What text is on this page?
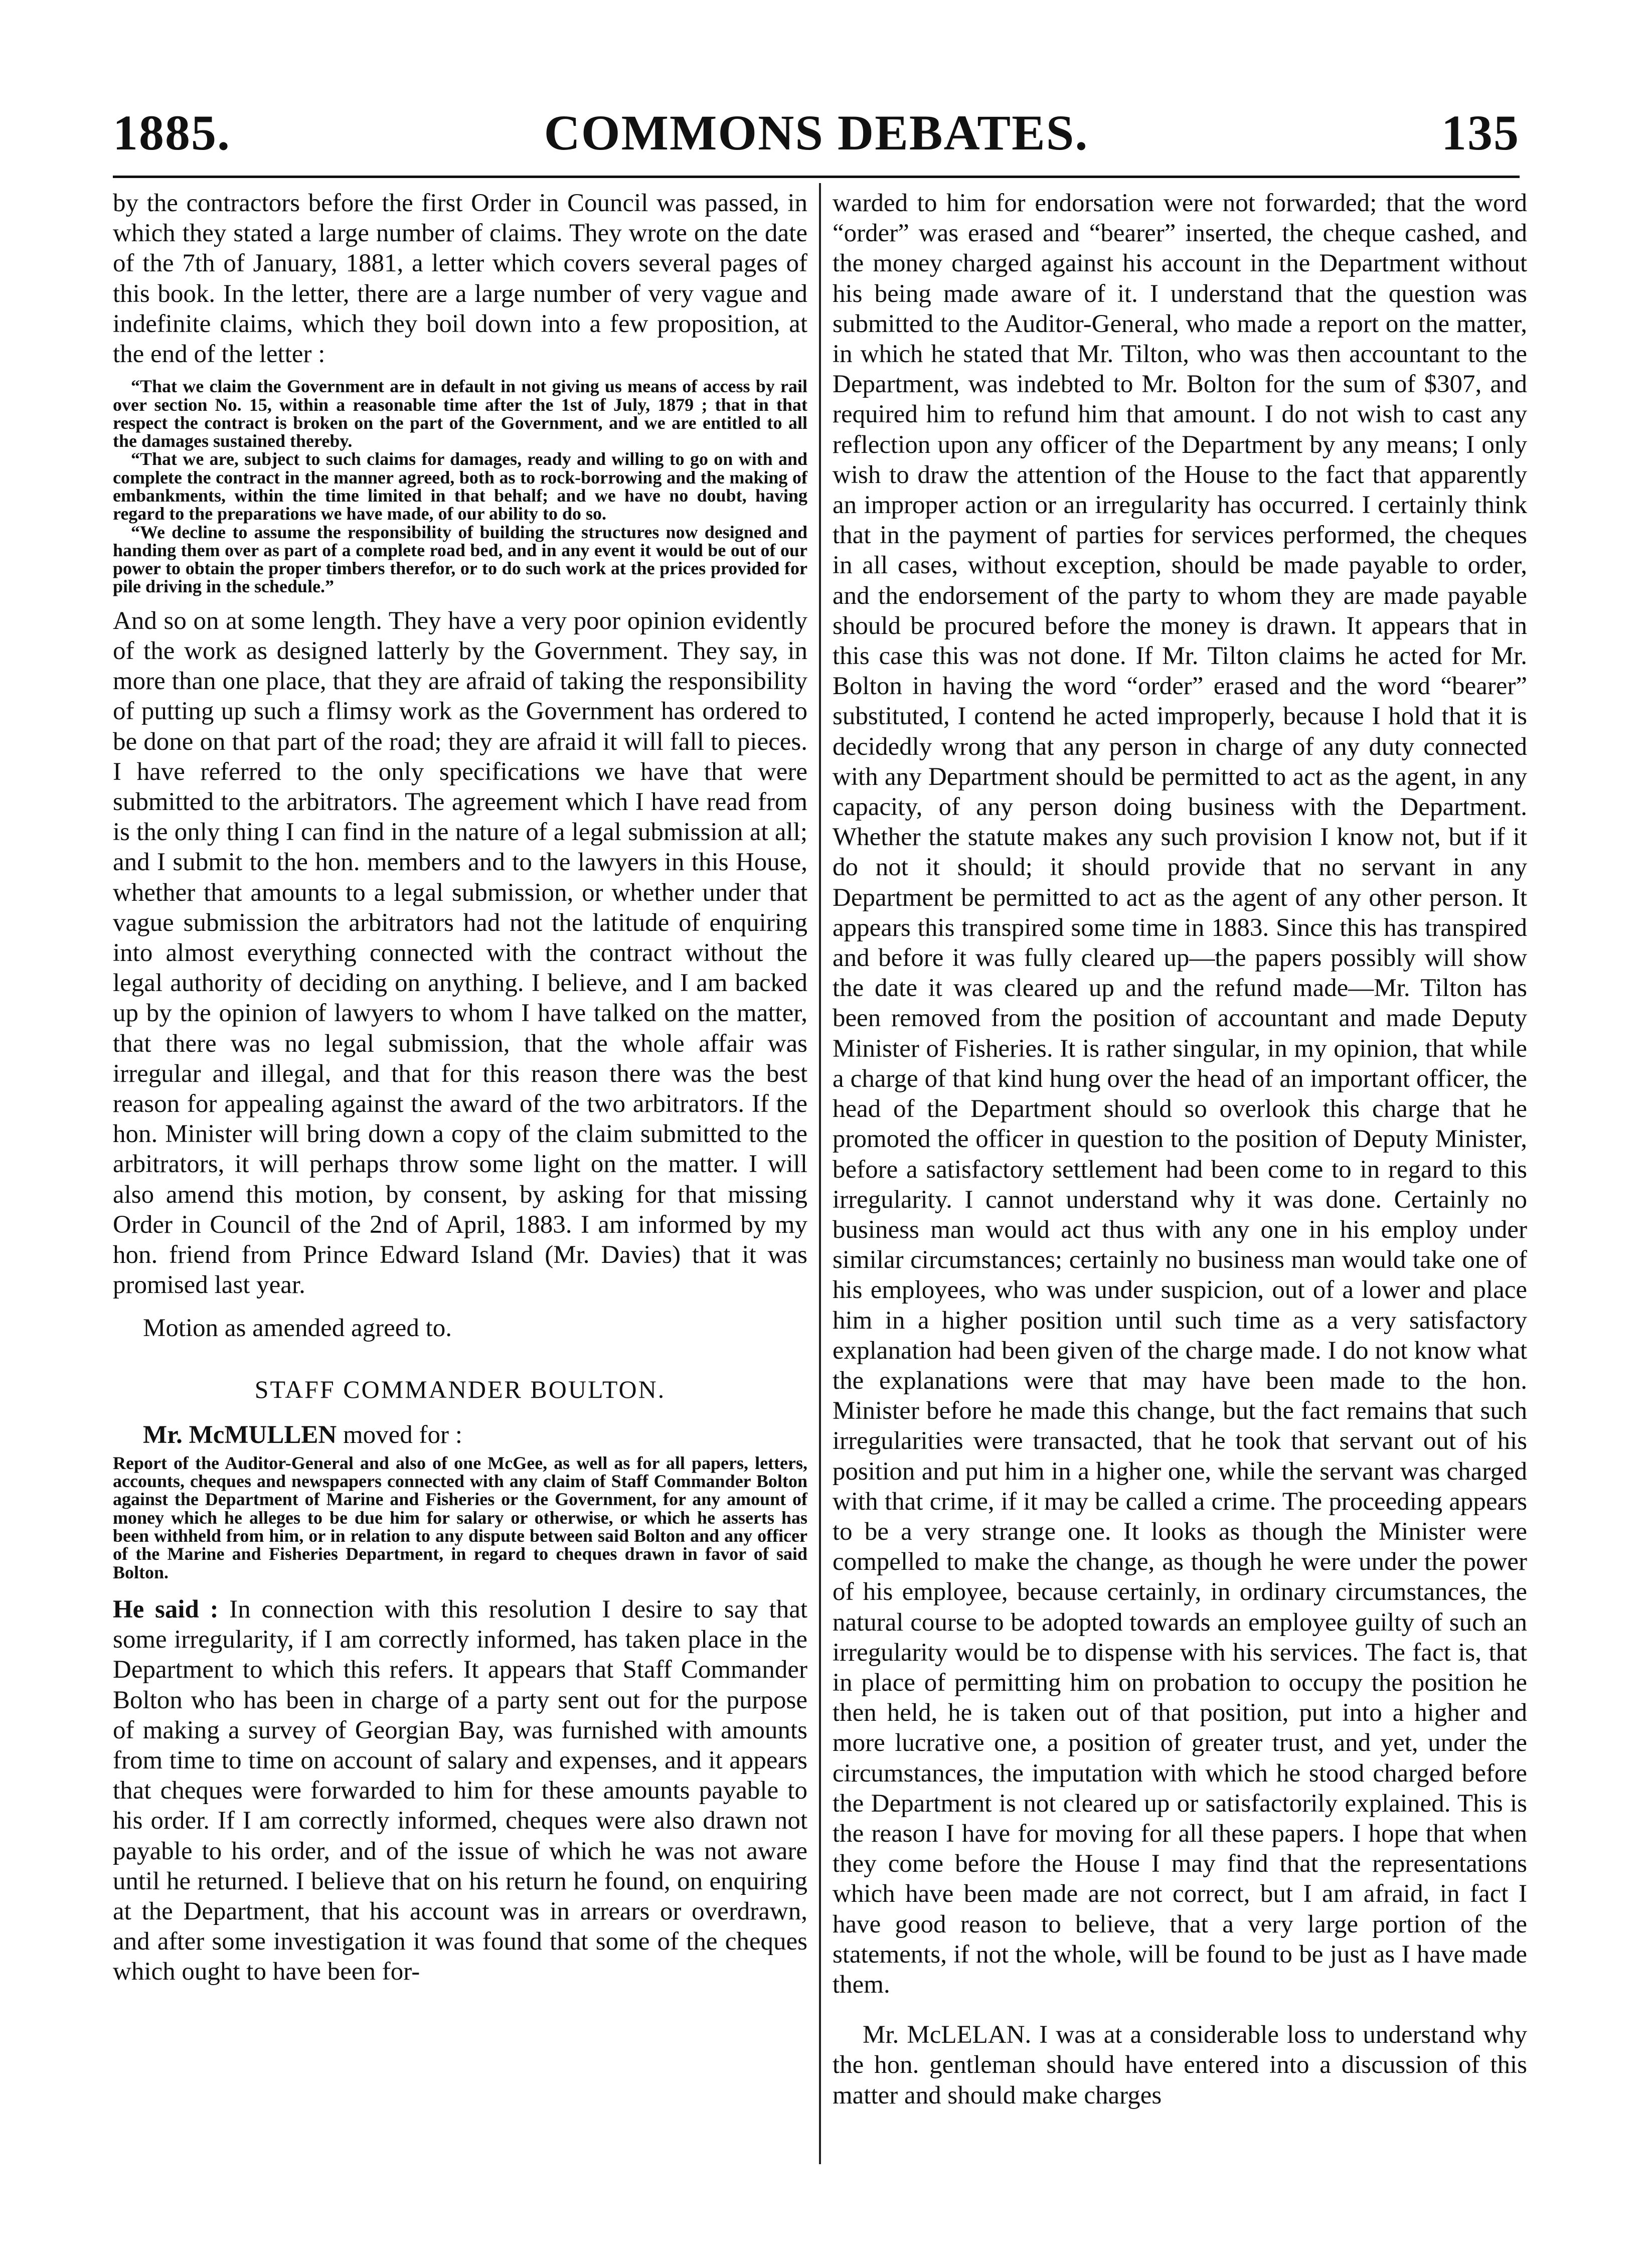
1885.	COMMONS DEBATES.	135

by the contractors before the first Order in Council was passed, in which they stated a large number of claims. They wrote on the date of the 7th of January, 1881, a letter which covers several pages of this book. In the letter, there are a large number of very vague and indefinite claims, which they boil down into a few proposition, at the end of the letter :

“That we claim the Government are in default in not giving us means of access by rail over section No. 15, within a reasonable time after the 1st of July, 1879 ; that in that respect the contract is broken on the part of the Government, and we are entitled to all the damages sustained thereby.

“That we are, subject to such claims for damages, ready and willing to go on with and complete the contract in the manner agreed, both as to rock-borrowing and the making of embankments, within the time limited in that behalf; and we have no doubt, having regard to the preparations we have made, of our ability to do so.

“We decline to assume the responsibility of building the structures now designed and handing them over as part of a complete road bed, and in any event it would be out of our power to obtain the proper timbers therefor, or to do such work at the prices provided for pile driving in the schedule.”

And so on at some length. They have a very poor opinion evidently of the work as designed latterly by the Government. They say, in more than one place, that they are afraid of taking the responsibility of putting up such a flimsy work as the Government has ordered to be done on that part of the road; they are afraid it will fall to pieces. I have referred to the only specifications we have that were submitted to the arbitrators. The agreement which I have read from is the only thing I can find in the nature of a legal submission at all; and I submit to the hon. members and to the lawyers in this House, whether that amounts to a legal submission, or whether under that vague submission the arbitrators had not the latitude of enquiring into almost everything connected with the contract without the legal authority of deciding on anything. I believe, and I am backed up by the opinion of lawyers to whom I have talked on the matter, that there was no legal submission, that the whole affair was irregular and illegal, and that for this reason there was the best reason for appealing against the award of the two arbitrators. If the hon. Minister will bring down a copy of the claim submitted to the arbitrators, it will perhaps throw some light on the matter. I will also amend this motion, by consent, by asking for that missing Order in Council of the 2nd of April, 1883. I am informed by my hon. friend from Prince Edward Island (Mr. Davies) that it was promised last year.

Motion as amended agreed to.

STAFF COMMANDER BOULTON.

Mr. McMULLEN moved for :

Report of the Auditor-General and also of one McGee, as well as for all papers, letters, accounts, cheques and newspapers connected with any claim of Staff Commander Bolton against the Department of Marine and Fisheries or the Government, for any amount of money which he alleges to be due him for salary or otherwise, or which he asserts has been withheld from him, or in relation to any dispute between said Bolton and any officer of the Marine and Fisheries Department, in regard to cheques drawn in favor of said Bolton.

He said : In connection with this resolution I desire to say that some irregularity, if I am correctly informed, has taken place in the Department to which this refers. It appears that Staff Commander Bolton who has been in charge of a party sent out for the purpose of making a survey of Georgian Bay, was furnished with amounts from time to time on account of salary and expenses, and it appears that cheques were forwarded to him for these amounts payable to his order. If I am correctly informed, cheques were also drawn not payable to his order, and of the issue of which he was not aware until he returned. I believe that on his return he found, on enquiring at the Department, that his account was in arrears or overdrawn, and after some investigation it was found that some of the cheques which ought to have been for-

warded to him for endorsation were not forwarded; that the word “order” was erased and “bearer” inserted, the cheque cashed, and the money charged against his account in the Department without his being made aware of it. I understand that the question was submitted to the Auditor-General, who made a report on the matter, in which he stated that Mr. Tilton, who was then accountant to the Department, was indebted to Mr. Bolton for the sum of $307, and required him to refund him that amount. I do not wish to cast any reflection upon any officer of the Department by any means; I only wish to draw the attention of the House to the fact that apparently an improper action or an irregularity has occurred. I certainly think that in the payment of parties for services performed, the cheques in all cases, without exception, should be made payable to order, and the endorsement of the party to whom they are made payable should be procured before the money is drawn. It appears that in this case this was not done. If Mr. Tilton claims he acted for Mr. Bolton in having the word “order” erased and the word “bearer” substituted, I contend he acted improperly, because I hold that it is decidedly wrong that any person in charge of any duty connected with any Department should be permitted to act as the agent, in any capacity, of any person doing business with the Department. Whether the statute makes any such provision I know not, but if it do not it should; it should provide that no servant in any Department be permitted to act as the agent of any other person. It appears this transpired some time in 1883. Since this has transpired and before it was fully cleared up—the papers possibly will show the date it was cleared up and the refund made—Mr. Tilton has been removed from the position of accountant and made Deputy Minister of Fisheries. It is rather singular, in my opinion, that while a charge of that kind hung over the head of an important officer, the head of the Department should so overlook this charge that he promoted the officer in question to the position of Deputy Minister, before a satisfactory settlement had been come to in regard to this irregularity. I cannot understand why it was done. Certainly no business man would act thus with any one in his employ under similar circumstances; certainly no business man would take one of his employees, who was under suspicion, out of a lower and place him in a higher position until such time as a very satisfactory explanation had been given of the charge made. I do not know what the explanations were that may have been made to the hon. Minister before he made this change, but the fact remains that such irregularities were transacted, that he took that servant out of his position and put him in a higher one, while the servant was charged with that crime, if it may be called a crime. The proceeding appears to be a very strange one. It looks as though the Minister were compelled to make the change, as though he were under the power of his employee, because certainly, in ordinary circumstances, the natural course to be adopted towards an employee guilty of such an irregularity would be to dispense with his services. The fact is, that in place of permitting him on probation to occupy the position he then held, he is taken out of that position, put into a higher and more lucrative one, a position of greater trust, and yet, under the circumstances, the imputation with which he stood charged before the Department is not cleared up or satisfactorily explained. This is the reason I have for moving for all these papers. I hope that when they come before the House I may find that the representations which have been made are not correct, but I am afraid, in fact I have good reason to believe, that a very large portion of the statements, if not the whole, will be found to be just as I have made them.

Mr. McLELAN. I was at a considerable loss to understand why the hon. gentleman should have entered into a discussion of this matter and should make charges
